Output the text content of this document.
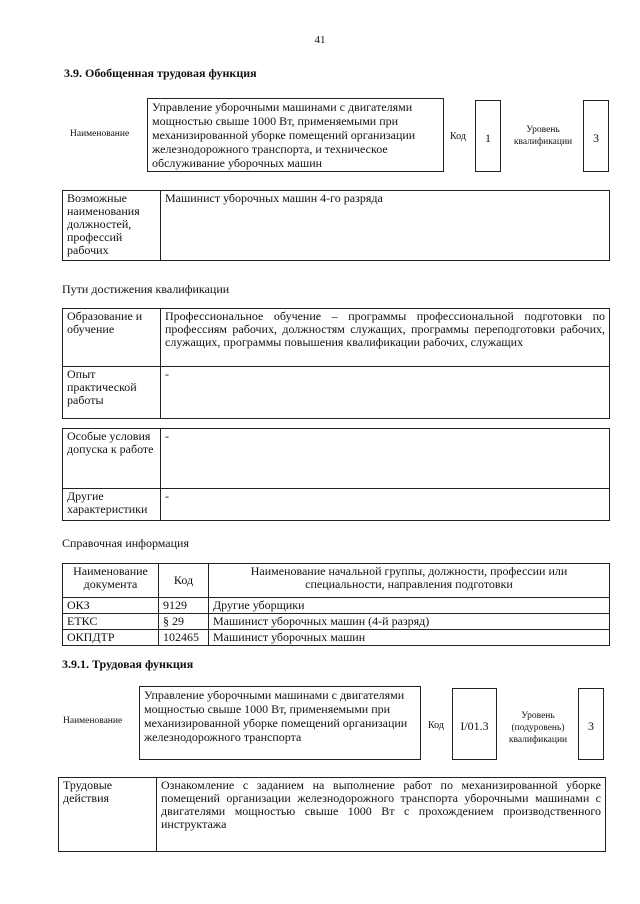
41
3.9. Обобщенная трудовая функция
Наименование
Управление уборочными машинами с двигателями мощностью свыше 1000 Вт, применяемыми при механизированной уборке помещений организации железнодорожного транспорта, и техническое обслуживание уборочных машин
Код	1
Уровень квалификации	3
Возможные наименования должностей, профессий рабочих	Машинист уборочных машин 4-го разряда
Пути достижения квалификации
Образование и обучение	Профессиональное обучение – программы профессиональной подготовки по профессиям рабочих, должностям служащих, программы переподготовки рабочих, служащих, программы повышения квалификации рабочих, служащих
Опыт практической работы	-
Особые условия допуска к работе	-
Другие характеристики	-
Справочная информация
Наименование документа	Код	Наименование начальной группы, должности, профессии или специальности, направления подготовки
ОКЗ	9129	Другие уборщики
ЕТКС	§ 29	Машинист уборочных машин (4-й разряд)
ОКПДТР	102465	Машинист уборочных машин
3.9.1. Трудовая функция
Наименование
Управление уборочными машинами с двигателями мощностью свыше 1000 Вт, применяемыми при механизированной уборке помещений организации железнодорожного транспорта
Код	I/01.3
Уровень (подуровень) квалификации
3
Трудовые действия	Ознакомление с заданием на выполнение работ по механизированной уборке помещений организации железнодорожного транспорта уборочными машинами с двигателями мощностью свыше 1000 Вт с прохождением производственного инструктажа
